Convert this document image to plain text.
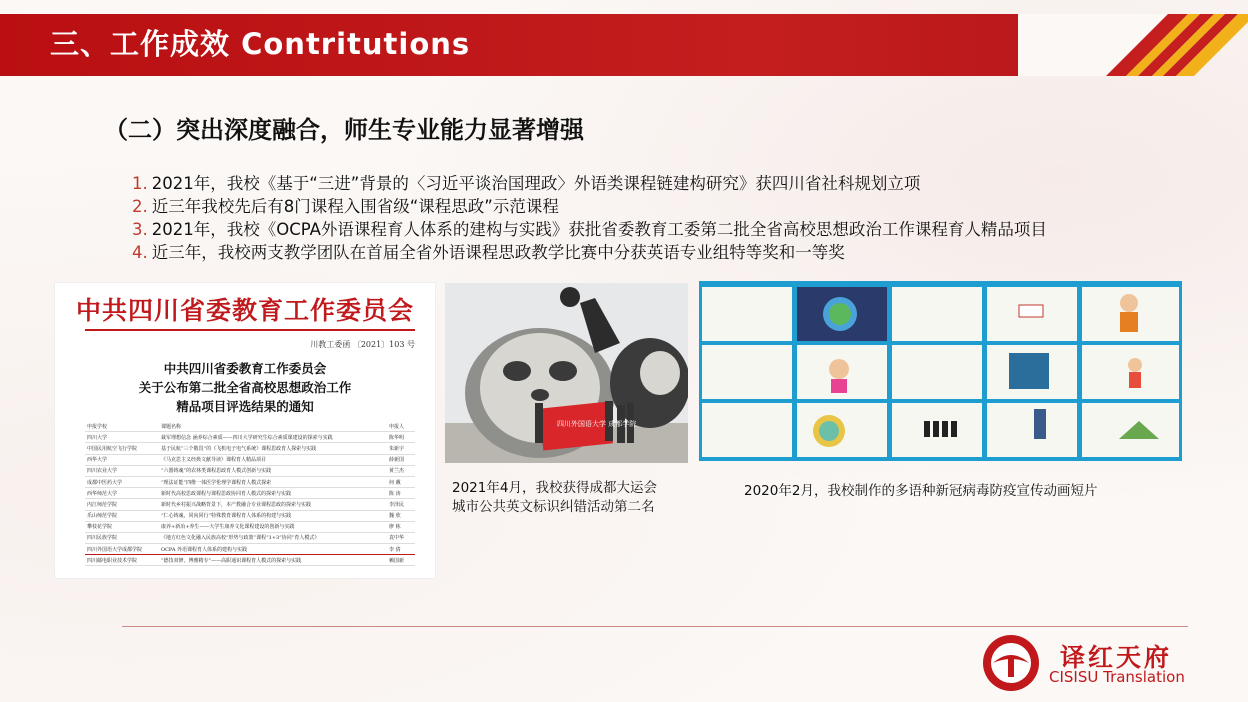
三、工作成效 Contritutions
（二）突出深度融合，师生专业能力显著增强
1. 2021年，我校《基于“三进”背景的〈习近平谈治国理政〉外语类课程链建构研究》获四川省社科规划立项
2. 近三年我校先后有8门课程入围省级“课程思政”示范课程
3. 2021年，我校《OCPA外语课程育人体系的建构与实践》获批省委教育工委第二批全省高校思想政治工作课程育人精品项目
4. 近三年，我校两支教学团队在首届全省外语课程思政教学比赛中分获英语专业组特等奖和一等奖
中共四川省委教育工作委员会
川教工委函 〔2021〕103 号
中共四川省委教育工作委员会
关于公布第二批全省高校思想政治工作
精品项目评选结果的通知
申报学校	课题名称	申报人
四川大学	裁军理想信念 涵养综合素质——四川大学研究生综合素质课建设的探索与实践	陈华明
中国民用航空飞行学院	基于民航“三个敬畏”的《飞机电子电气系统》课程思政育人探索与实践	朱新宇
西华大学	《马克思主义经典文献导读》课程育人精品项目	薛新国
四川农业大学	“六器铸魂”的农林类课程思政育人模式创新与实践	黄兰杰
成都中医药大学	“理法证能”四维一体医学伦理学课程育人模式探索	何 戴
西华师范大学	新时代高校思政课程与课程思政协同育人模式的探索与实践	陈 涛
内江师范学院	新时代乡村振兴战略背景下，本产教融合专业课程思政的探索与实践	李泽民
乐山师范学院	“仁心铸魂，同向同行”特殊教育课程育人体系的构建与实践	魏 欣
攀枝花学院	康养+新冶+养生——大学生康养文化课程建设的创新与实践	廖 栋
四川民族学院	《地方红色文化融入民族高校“形势与政策”课程“1+3”协同”育人模式》	袁中华
四川外国语大学成都学院	OCPA 外语课程育人体系的建构与实践	李 倩
四川邮电职业技术学院	“德技双修，博雅精专”——高职通识课程育人模式的探索与实践	赖国新
四川外国语大学 成都学院
2021年4月，我校获得成都大运会
城市公共英文标识纠错活动第二名
2020年2月，我校制作的多语种新冠病毒防疫宣传动画短片
译红天府
CISISU Translation
